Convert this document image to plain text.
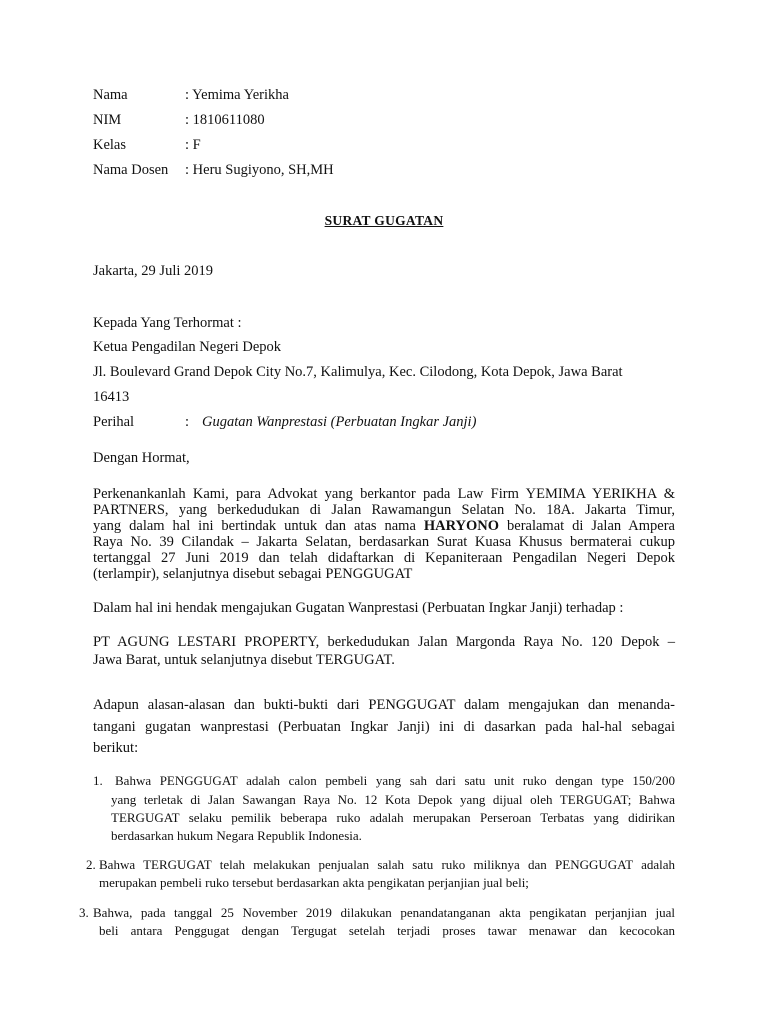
Nama	: Yemima Yerikha
NIM	: 1810611080
Kelas	: F
Nama Dosen : Heru Sugiyono, SH,MH
SURAT GUGATAN
Jakarta, 29 Juli 2019
Kepada Yang Terhormat :
Ketua Pengadilan Negeri Depok
Jl. Boulevard Grand Depok City No.7, Kalimulya, Kec. Cilodong, Kota Depok, Jawa Barat
16413
Perihal	: Gugatan Wanprestasi (Perbuatan Ingkar Janji)
Dengan Hormat,
Perkenankanlah Kami, para Advokat yang berkantor pada Law Firm YEMIMA YERIKHA &
PARTNERS, yang berkedudukan di Jalan Rawamangun Selatan No. 18A. Jakarta Timur,
yang dalam hal ini bertindak untuk dan atas nama HARYONO beralamat di Jalan Ampera
Raya No. 39 Cilandak – Jakarta Selatan, berdasarkan Surat Kuasa Khusus bermaterai cukup
tertanggal 27 Juni 2019 dan telah didaftarkan di Kepaniteraan Pengadilan Negeri Depok
(terlampir), selanjutnya disebut sebagai PENGGUGAT
Dalam hal ini hendak mengajukan Gugatan Wanprestasi (Perbuatan Ingkar Janji) terhadap :
PT AGUNG LESTARI PROPERTY, berkedudukan Jalan Margonda Raya No. 120 Depok –
Jawa Barat, untuk selanjutnya disebut TERGUGAT.
Adapun alasan-alasan dan bukti-bukti dari PENGGUGAT dalam mengajukan dan menanda-
tangani gugatan wanprestasi (Perbuatan Ingkar Janji) ini di dasarkan pada hal-hal sebagai
berikut:
1. Bahwa PENGGUGAT adalah calon pembeli yang sah dari satu unit ruko dengan type 150/200
yang terletak di Jalan Sawangan Raya No. 12 Kota Depok yang dijual oleh TERGUGAT; Bahwa
TERGUGAT selaku pemilik beberapa ruko adalah merupakan Perseroan Terbatas yang didirikan
berdasarkan hukum Negara Republik Indonesia.
2. Bahwa TERGUGAT telah melakukan penjualan salah satu ruko miliknya dan PENGGUGAT adalah
merupakan pembeli ruko tersebut berdasarkan akta pengikatan perjanjian jual beli;
3. Bahwa, pada tanggal 25 November 2019 dilakukan penandatanganan akta pengikatan perjanjian jual
beli antara Penggugat dengan Tergugat setelah terjadi proses tawar menawar dan kecocokan
